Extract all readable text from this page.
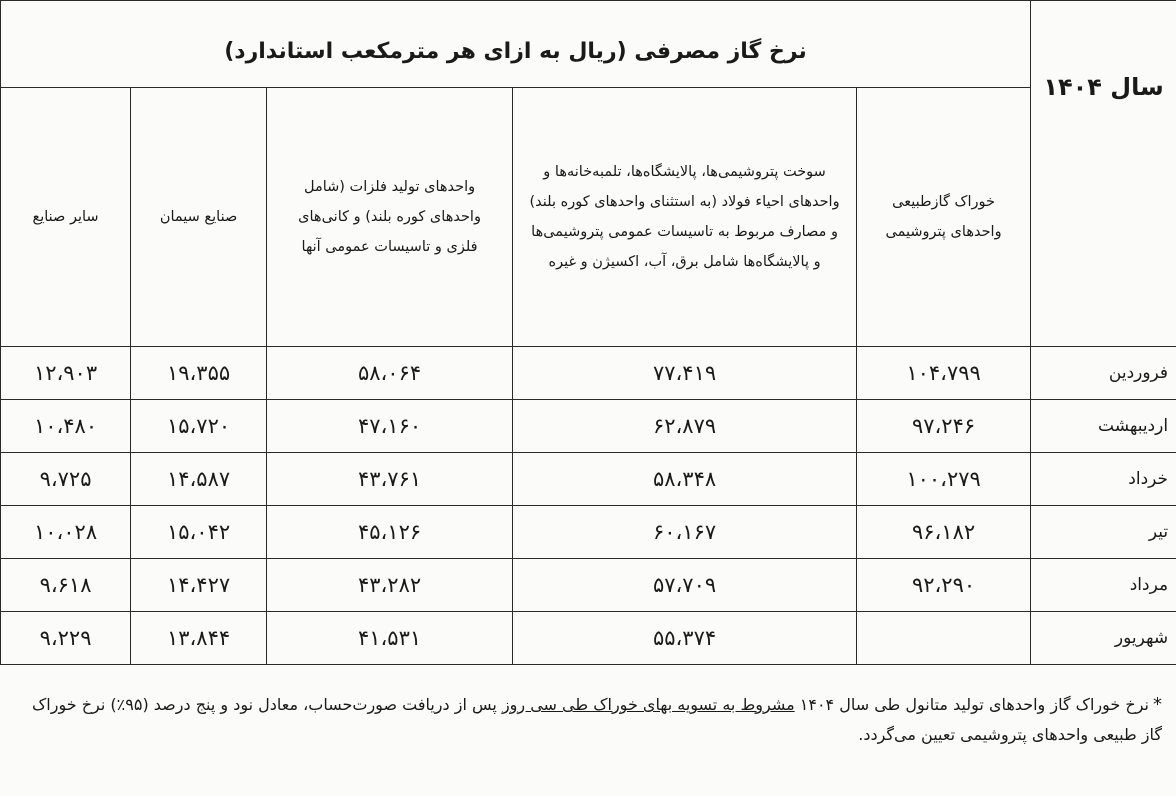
سال ۱۴۰۴	نرخ گاز مصرفی (ریال به ازای هر مترمکعب استاندارد)				
	خوراک گازطبیعی واحدهای پتروشیمی	سوخت پتروشیمی‌ها، پالایشگاه‌ها، تلمبه‌خانه‌ها و واحدهای احیاء فولاد (به استثنای واحدهای کوره بلند) و مصارف مربوط به تاسیسات عمومی پتروشیمی‌ها و پالایشگاه‌ها شامل برق، آب، اکسیژن و غیره	واحدهای تولید فلزات (شامل واحدهای کوره بلند) و کانی‌های فلزی و تاسیسات عمومی آنها	صنایع سیمان	سایر صنایع
فروردین	۱۰۴،۷۹۹	۷۷،۴۱۹	۵۸،۰۶۴	۱۹،۳۵۵	۱۲،۹۰۳
اردیبهشت	۹۷،۲۴۶	۶۲،۸۷۹	۴۷،۱۶۰	۱۵،۷۲۰	۱۰،۴۸۰
خرداد	۱۰۰،۲۷۹	۵۸،۳۴۸	۴۳،۷۶۱	۱۴،۵۸۷	۹،۷۲۵
تیر	۹۶،۱۸۲	۶۰،۱۶۷	۴۵،۱۲۶	۱۵،۰۴۲	۱۰،۰۲۸
مرداد	۹۲،۲۹۰	۵۷،۷۰۹	۴۳،۲۸۲	۱۴،۴۲۷	۹،۶۱۸
شهریور		۵۵،۳۷۴	۴۱،۵۳۱	۱۳،۸۴۴	۹،۲۲۹
*نرخ خوراک گاز واحدهای تولید متانول طی سال ۱۴۰۴ مشروط به تسویه بهای خوراک طی سی روز پس از دریافت صورت‌حساب، معادل نود و پنج درصد (۹۵٪) نرخ خوراک گاز طبیعی واحدهای پتروشیمی تعیین می‌گردد.
